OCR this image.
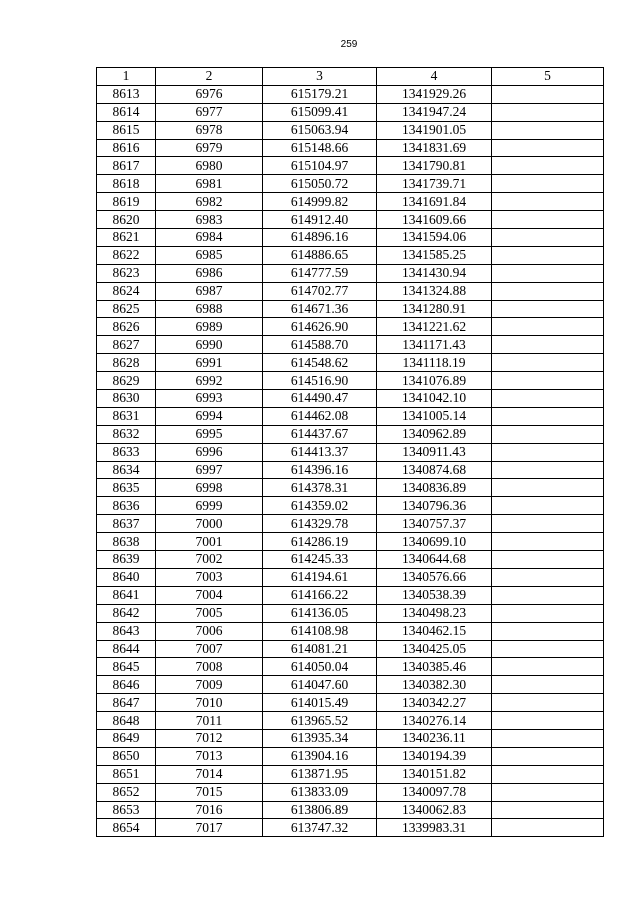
259
1	2	3	4	5
8613	6976	615179.21	1341929.26	
8614	6977	615099.41	1341947.24	
8615	6978	615063.94	1341901.05	
8616	6979	615148.66	1341831.69	
8617	6980	615104.97	1341790.81	
8618	6981	615050.72	1341739.71	
8619	6982	614999.82	1341691.84	
8620	6983	614912.40	1341609.66	
8621	6984	614896.16	1341594.06	
8622	6985	614886.65	1341585.25	
8623	6986	614777.59	1341430.94	
8624	6987	614702.77	1341324.88	
8625	6988	614671.36	1341280.91	
8626	6989	614626.90	1341221.62	
8627	6990	614588.70	1341171.43	
8628	6991	614548.62	1341118.19	
8629	6992	614516.90	1341076.89	
8630	6993	614490.47	1341042.10	
8631	6994	614462.08	1341005.14	
8632	6995	614437.67	1340962.89	
8633	6996	614413.37	1340911.43	
8634	6997	614396.16	1340874.68	
8635	6998	614378.31	1340836.89	
8636	6999	614359.02	1340796.36	
8637	7000	614329.78	1340757.37	
8638	7001	614286.19	1340699.10	
8639	7002	614245.33	1340644.68	
8640	7003	614194.61	1340576.66	
8641	7004	614166.22	1340538.39	
8642	7005	614136.05	1340498.23	
8643	7006	614108.98	1340462.15	
8644	7007	614081.21	1340425.05	
8645	7008	614050.04	1340385.46	
8646	7009	614047.60	1340382.30	
8647	7010	614015.49	1340342.27	
8648	7011	613965.52	1340276.14	
8649	7012	613935.34	1340236.11	
8650	7013	613904.16	1340194.39	
8651	7014	613871.95	1340151.82	
8652	7015	613833.09	1340097.78	
8653	7016	613806.89	1340062.83	
8654	7017	613747.32	1339983.31	
